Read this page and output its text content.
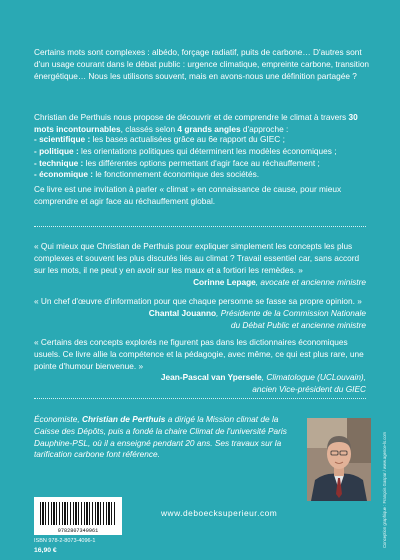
Certains mots sont complexes : albédo, forçage radiatif, puits de carbone… D'autres sont d'un usage courant dans le débat public : urgence climatique, empreinte carbone, transition énergétique… Nous les utilisons souvent, mais en avons-nous une définition partagée ?

Christian de Perthuis nous propose de découvrir et de comprendre le climat à travers 30 mots incontournables, classés selon 4 grands angles d'approche :

- scientifique : les bases actualisées grâce au 6e rapport du GIEC ;
- politique : les orientations politiques qui déterminent les modèles économiques ;
- technique : les différentes options permettant d'agir face au réchauffement ;
- économique : le fonctionnement économique des sociétés.

Ce livre est une invitation à parler « climat » en connaissance de cause, pour mieux comprendre et agir face au réchauffement global.

« Qui mieux que Christian de Perthuis pour expliquer simplement les concepts les plus complexes et souvent les plus discutés liés au climat ? Travail essentiel car, sans accord sur les mots, il ne peut y en avoir sur les maux et a fortiori les remèdes. »

Corinne Lepage, avocate et ancienne ministre

« Un chef d'œuvre d'information pour que chaque personne se fasse sa propre opinion. »

Chantal Jouanno, Présidente de la Commission Nationale
du Débat Public et ancienne ministre

« Certains des concepts explorés ne figurent pas dans les dictionnaires économiques usuels. Ce livre allie la compétence et la pédagogie, avec même, ce qui est plus rare, une pointe d'humour bienvenue. »

Jean-Pascal van Ypersele, Climatologue (UCLouvain),
ancien Vice-président du GIEC

Économiste, Christian de Perthuis a dirigé la Mission climat de la Caisse des Dépôts, puis a fondé la chaire Climat de l'université Paris Dauphine-PSL, où il a enseigné pendant 20 ans. Ses travaux sur la tarification carbone font référence.

9782807340961
ISBN 978-2-8073-4096-1
16,90 €
www.deboecksuperieur.com	Conception graphique : François Gaspar / www.agence-ls.com
